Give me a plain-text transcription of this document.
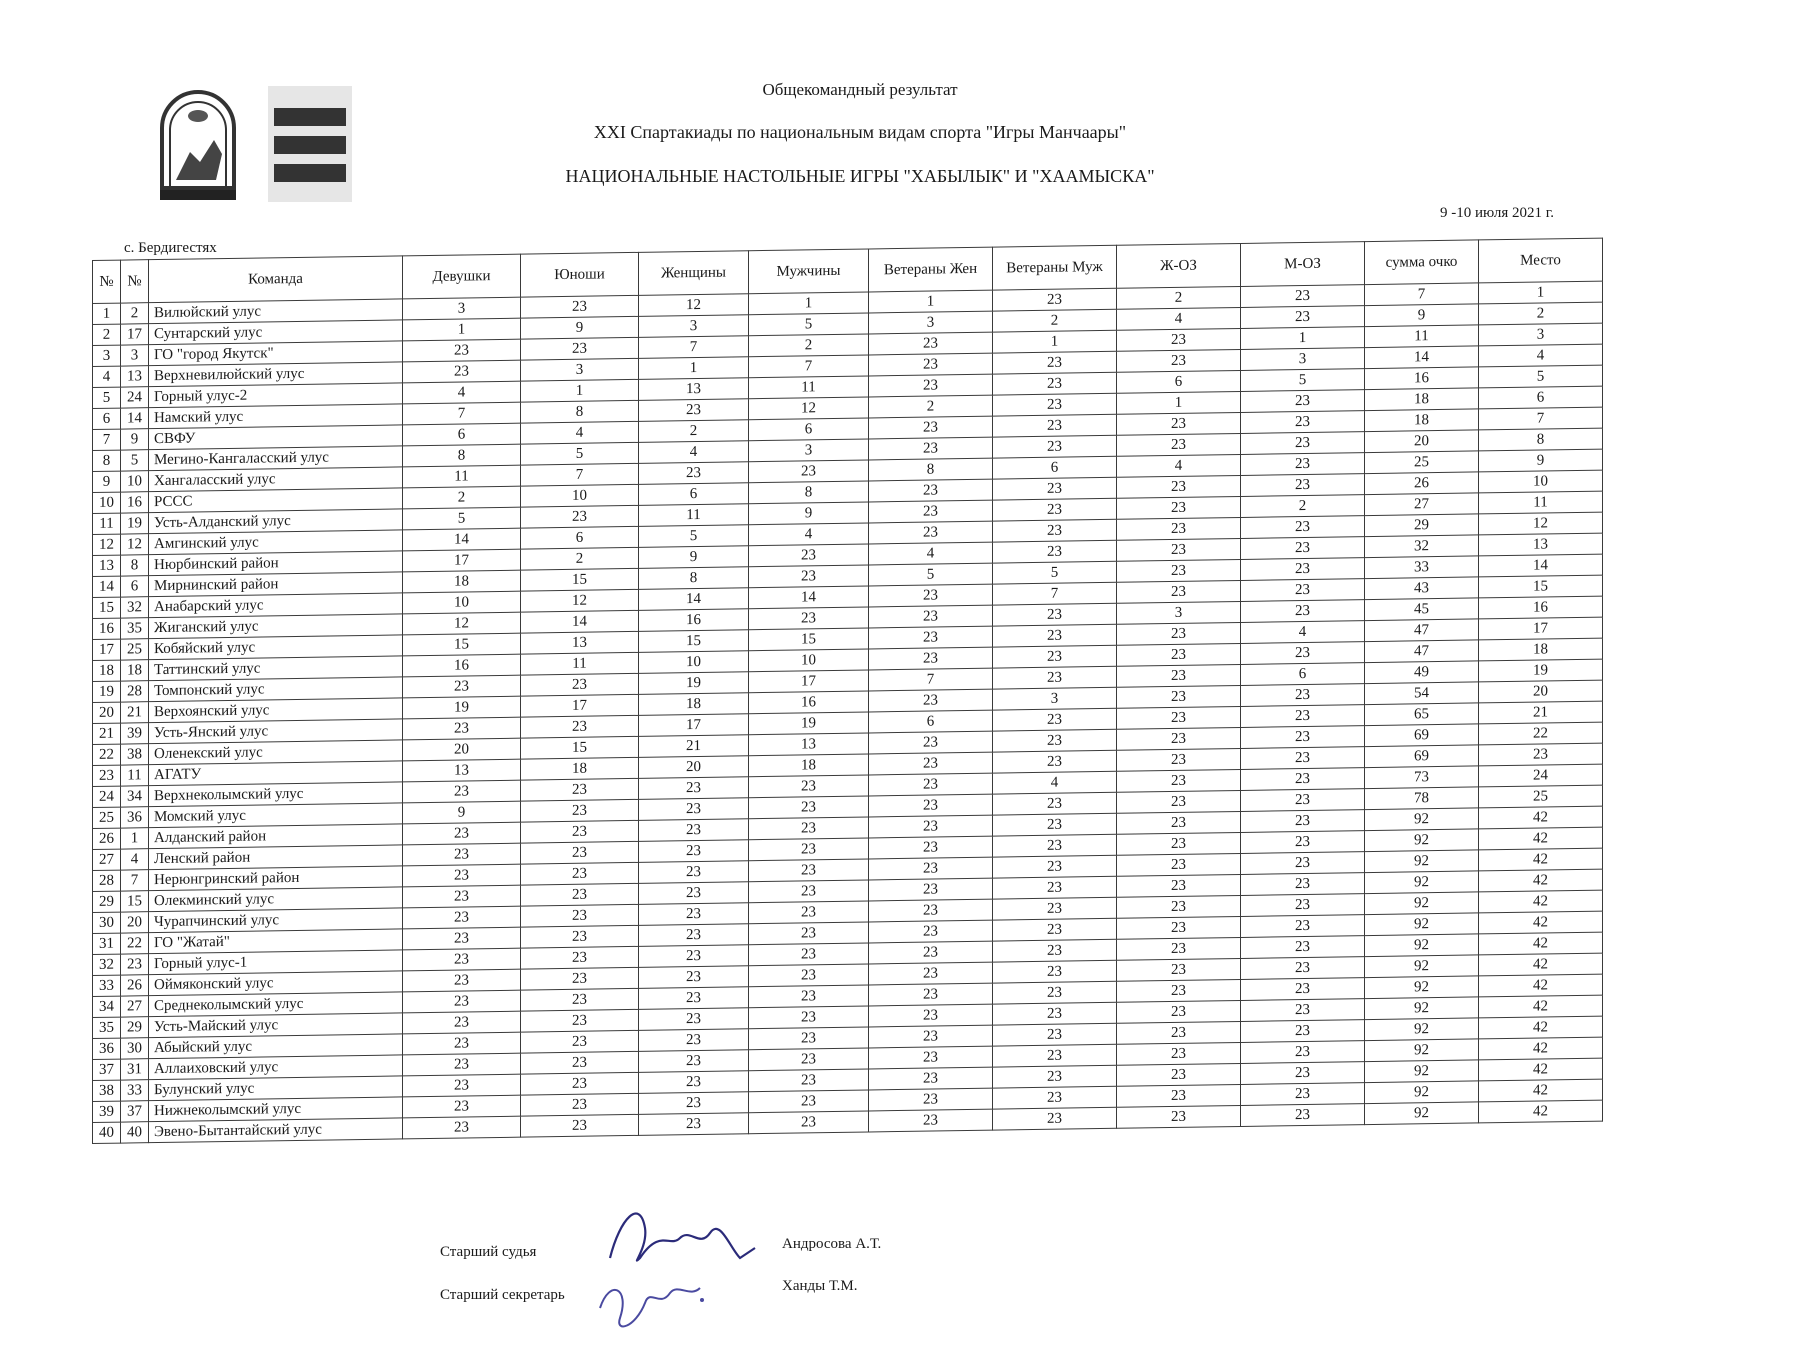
Общекомандный результат
XXI Спартакиады по национальным видам спорта "Игры Манчаары"
НАЦИОНАЛЬНЫЕ НАСТОЛЬНЫЕ ИГРЫ "ХАБЫЛЫК" И "ХААМЫСКА"
9 -10 июля 2021 г.
с. Бердигестях
№	№	Команда	Девушки	Юноши	Женщины	Мужчины	Ветераны Жен	Ветераны Муж	Ж-ОЗ	М-ОЗ	сумма очко	Место
1	2	Вилюйский улус	3	23	12	1	1	23	2	23	7	1
2	17	Сунтарский улус	1	9	3	5	3	2	4	23	9	2
3	3	ГО "город Якутск"	23	23	7	2	23	1	23	1	11	3
4	13	Верхневилюйский улус	23	3	1	7	23	23	23	3	14	4
5	24	Горный улус-2	4	1	13	11	23	23	6	5	16	5
6	14	Намский улус	7	8	23	12	2	23	1	23	18	6
7	9	СВФУ	6	4	2	6	23	23	23	23	18	7
8	5	Мегино-Кангаласский улус	8	5	4	3	23	23	23	23	20	8
9	10	Хангаласский улус	11	7	23	23	8	6	4	23	25	9
10	16	РССС	2	10	6	8	23	23	23	23	26	10
11	19	Усть-Алданский улус	5	23	11	9	23	23	23	2	27	11
12	12	Амгинский улус	14	6	5	4	23	23	23	23	29	12
13	8	Нюрбинский район	17	2	9	23	4	23	23	23	32	13
14	6	Мирнинский район	18	15	8	23	5	5	23	23	33	14
15	32	Анабарский улус	10	12	14	14	23	7	23	23	43	15
16	35	Жиганский улус	12	14	16	23	23	23	3	23	45	16
17	25	Кобяйский улус	15	13	15	15	23	23	23	4	47	17
18	18	Таттинский улус	16	11	10	10	23	23	23	23	47	18
19	28	Томпонский улус	23	23	19	17	7	23	23	6	49	19
20	21	Верхоянский улус	19	17	18	16	23	3	23	23	54	20
21	39	Усть-Янский улус	23	23	17	19	6	23	23	23	65	21
22	38	Оленекский улус	20	15	21	13	23	23	23	23	69	22
23	11	АГАТУ	13	18	20	18	23	23	23	23	69	23
24	34	Верхнеколымский улус	23	23	23	23	23	4	23	23	73	24
25	36	Момский улус	9	23	23	23	23	23	23	23	78	25
26	1	Алданский район	23	23	23	23	23	23	23	23	92	42
27	4	Ленский район	23	23	23	23	23	23	23	23	92	42
28	7	Нерюнгринский район	23	23	23	23	23	23	23	23	92	42
29	15	Олекминский улус	23	23	23	23	23	23	23	23	92	42
30	20	Чурапчинский улус	23	23	23	23	23	23	23	23	92	42
31	22	ГО "Жатай"	23	23	23	23	23	23	23	23	92	42
32	23	Горный улус-1	23	23	23	23	23	23	23	23	92	42
33	26	Оймяконский улус	23	23	23	23	23	23	23	23	92	42
34	27	Среднеколымский улус	23	23	23	23	23	23	23	23	92	42
35	29	Усть-Майский улус	23	23	23	23	23	23	23	23	92	42
36	30	Абыйский улус	23	23	23	23	23	23	23	23	92	42
37	31	Аллаиховский улус	23	23	23	23	23	23	23	23	92	42
38	33	Булунский улус	23	23	23	23	23	23	23	23	92	42
39	37	Нижнеколымский улус	23	23	23	23	23	23	23	23	92	42
40	40	Эвено-Бытантайский улус	23	23	23	23	23	23	23	23	92	42
Старший судья
Старший секретарь
Андросова А.Т.
Ханды Т.М.
